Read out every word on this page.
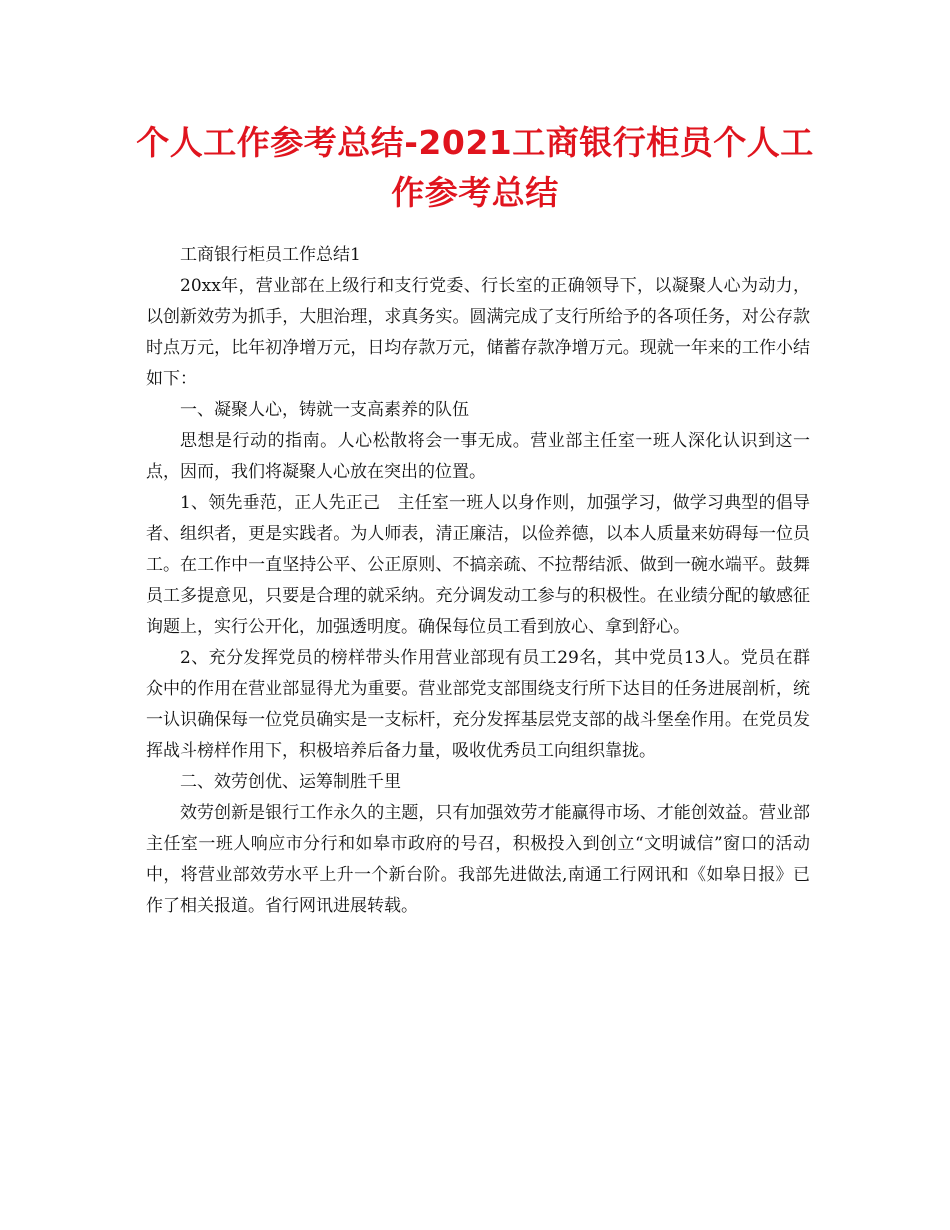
个人工作参考总结-2021工商银行柜员个人工作参考总结

工商银行柜员工作总结1

20xx年，营业部在上级行和支行党委、行长室的正确领导下，以凝聚人心为动力，以创新效劳为抓手，大胆治理，求真务实。圆满完成了支行所给予的各项任务，对公存款时点万元，比年初净增万元，日均存款万元，储蓄存款净增万元。现就一年来的工作小结如下：

一、凝聚人心，铸就一支高素养的队伍

思想是行动的指南。人心松散将会一事无成。营业部主任室一班人深化认识到这一点，因而，我们将凝聚人心放在突出的位置。

1、领先垂范，正人先正己　主任室一班人以身作则，加强学习，做学习典型的倡导者、组织者，更是实践者。为人师表，清正廉洁，以俭养德，以本人质量来妨碍每一位员工。在工作中一直坚持公平、公正原则、不搞亲疏、不拉帮结派、做到一碗水端平。鼓舞员工多提意见，只要是合理的就采纳。充分调发动工参与的积极性。在业绩分配的敏感征询题上，实行公开化，加强透明度。确保每位员工看到放心、拿到舒心。

2、充分发挥党员的榜样带头作用营业部现有员工29名，其中党员13人。党员在群众中的作用在营业部显得尤为重要。营业部党支部围绕支行所下达目的任务进展剖析，统一认识确保每一位党员确实是一支标杆，充分发挥基层党支部的战斗堡垒作用。在党员发挥战斗榜样作用下，积极培养后备力量，吸收优秀员工向组织靠拢。

二、效劳创优、运筹制胜千里

效劳创新是银行工作永久的主题，只有加强效劳才能赢得市场、才能创效益。营业部主任室一班人响应市分行和如皋市政府的号召，积极投入到创立“文明诚信”窗口的活动中，将营业部效劳水平上升一个新台阶。我部先进做法,南通工行网讯和《如皋日报》已作了相关报道。省行网讯进展转载。
